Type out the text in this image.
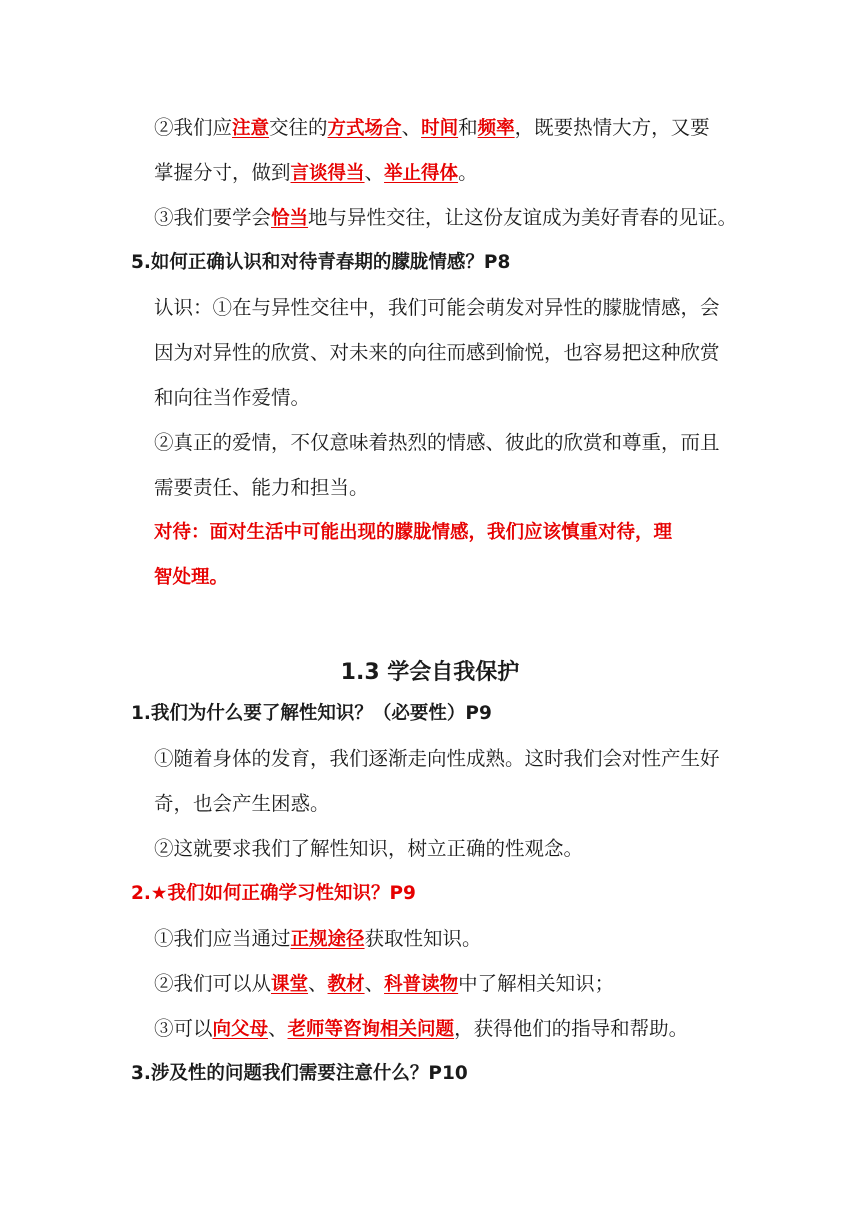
②我们应注意交往的方式场合、时间和频率，既要热情大方，又要
掌握分寸，做到言谈得当、举止得体。
③我们要学会恰当地与异性交往，让这份友谊成为美好青春的见证。
5.如何正确认识和对待青春期的朦胧情感？P8
认识：①在与异性交往中，我们可能会萌发对异性的朦胧情感，会
因为对异性的欣赏、对未来的向往而感到愉悦，也容易把这种欣赏
和向往当作爱情。
②真正的爱情，不仅意味着热烈的情感、彼此的欣赏和尊重，而且
需要责任、能力和担当。
对待：面对生活中可能出现的朦胧情感，我们应该慎重对待，理
智处理。
1.3 学会自我保护
1.我们为什么要了解性知识？（必要性）P9
①随着身体的发育，我们逐渐走向性成熟。这时我们会对性产生好
奇，也会产生困惑。
②这就要求我们了解性知识，树立正确的性观念。
2.★我们如何正确学习性知识？P9
①我们应当通过正规途径获取性知识。
②我们可以从课堂、教材、科普读物中了解相关知识；
③可以向父母、老师等咨询相关问题，获得他们的指导和帮助。
3.涉及性的问题我们需要注意什么？P10
